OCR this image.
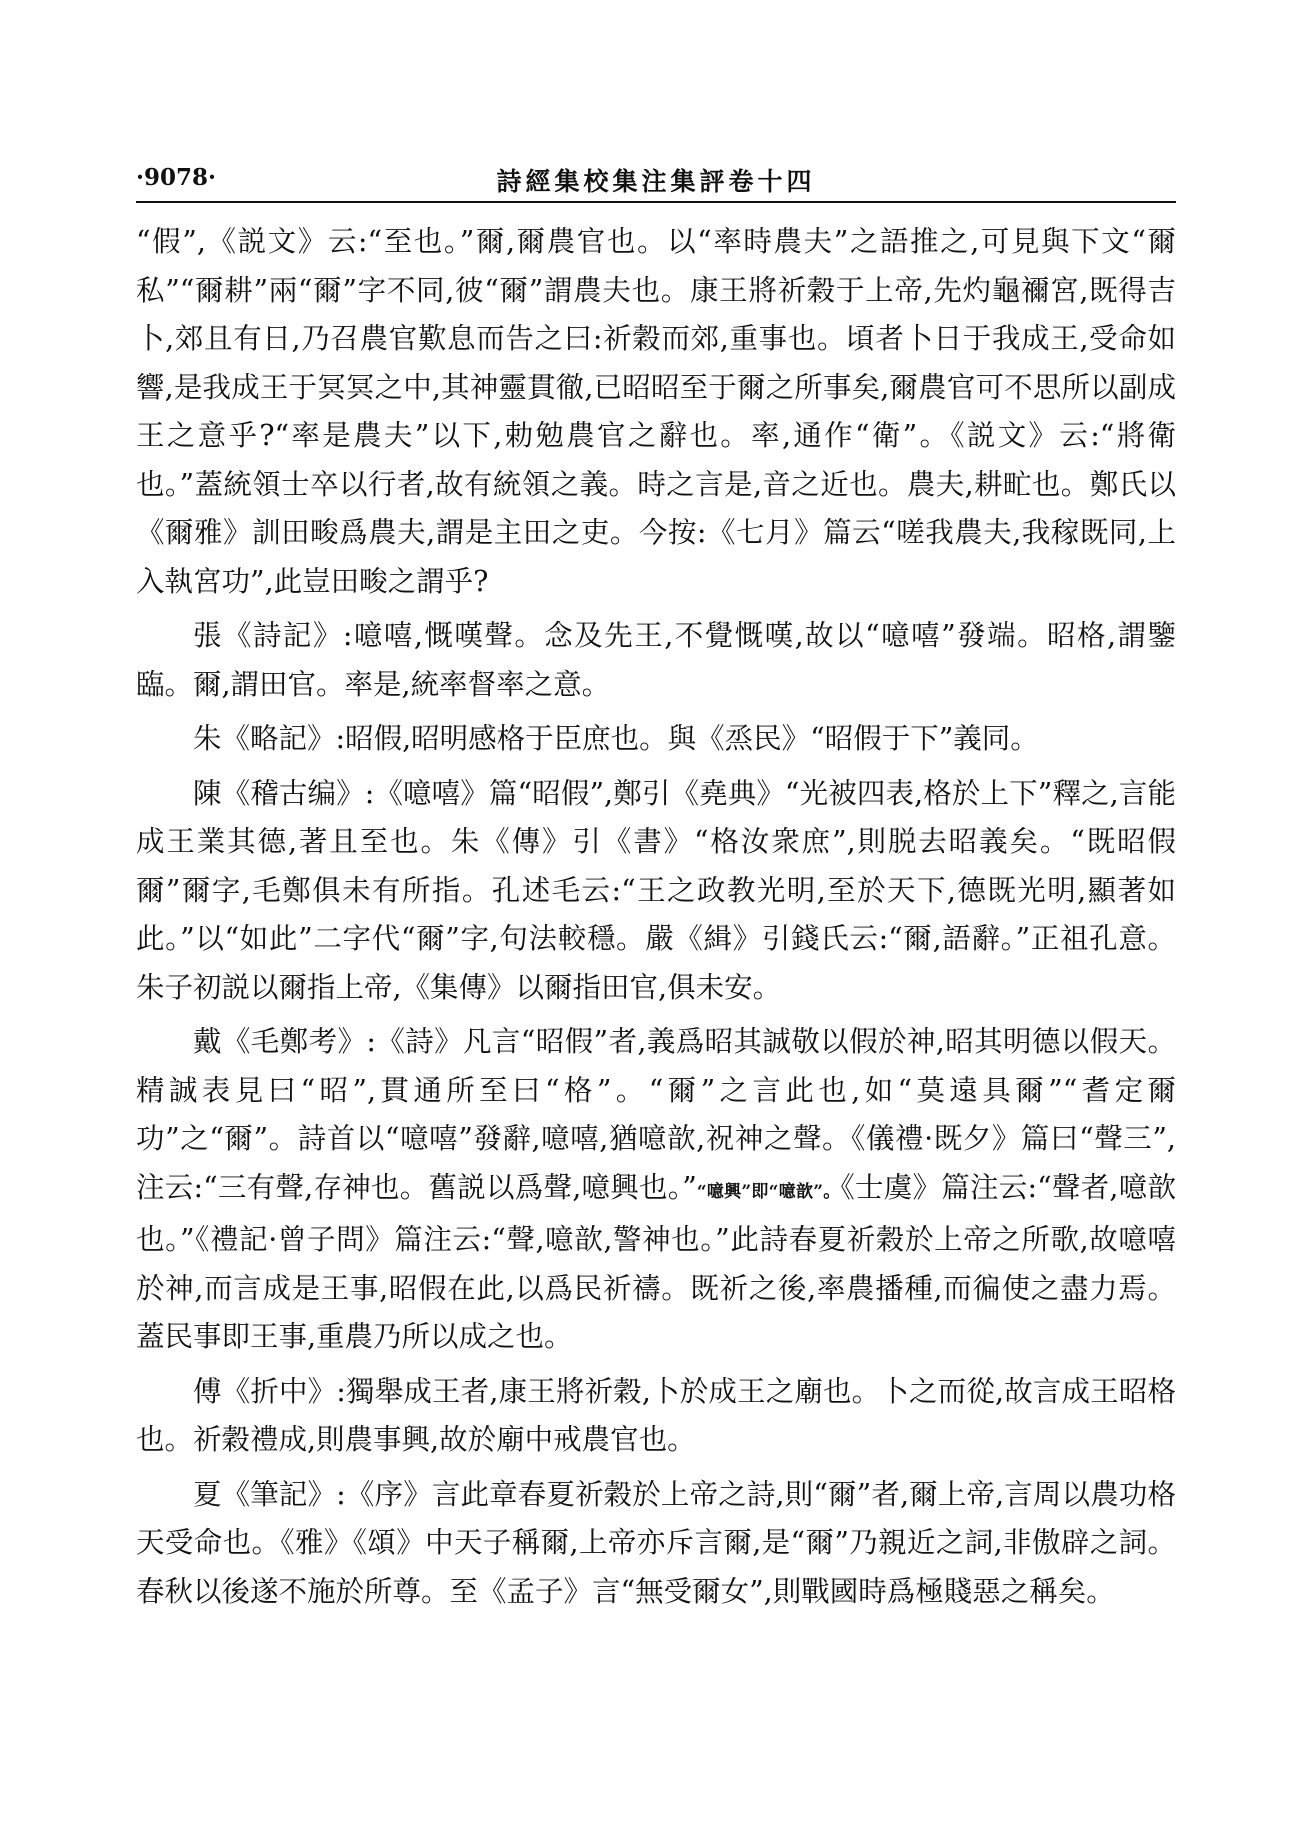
·9078·	詩經集校集注集評卷十四

“假”,《説文》云:“至也。”爾,爾農官也。以“率時農夫”之語推之,可見與下文“爾私”“爾耕”兩“爾”字不同,彼“爾”謂農夫也。康王將祈穀于上帝,先灼龜禰宮,既得吉卜,郊且有日,乃召農官歎息而告之曰:祈穀而郊,重事也。頃者卜日于我成王,受命如響,是我成王于冥冥之中,其神靈貫徹,已昭昭至于爾之所事矣,爾農官可不思所以副成王之意乎?“率是農夫”以下,勅勉農官之辭也。率,通作“衛”。《説文》云:“將衛也。”蓋統領士卒以行者,故有統領之義。時之言是,音之近也。農夫,耕甿也。鄭氏以《爾雅》訓田畯爲農夫,謂是主田之吏。今按:《七月》篇云“嗟我農夫,我稼既同,上入執宮功”,此豈田畯之謂乎?

張《詩記》:噫嘻,慨嘆聲。念及先王,不覺慨嘆,故以“噫嘻”發端。昭格,謂鑒臨。爾,謂田官。率是,統率督率之意。

朱《略記》:昭假,昭明感格于臣庶也。與《烝民》“昭假于下”義同。

陳《稽古编》:《噫嘻》篇“昭假”,鄭引《堯典》“光被四表,格於上下”釋之,言能成王業其德,著且至也。朱《傳》引《書》“格汝衆庶”,則脱去昭義矣。“既昭假爾”爾字,毛鄭俱未有所指。孔述毛云:“王之政教光明,至於天下,德既光明,顯著如此。”以“如此”二字代“爾”字,句法較穩。嚴《緝》引錢氏云:“爾,語辭。”正祖孔意。朱子初説以爾指上帝,《集傳》以爾指田官,俱未安。

戴《毛鄭考》:《詩》凡言“昭假”者,義爲昭其誠敬以假於神,昭其明德以假天。精誠表見曰“昭”,貫通所至曰“格”。“爾”之言此也,如“莫遠具爾”“耆定爾功”之“爾”。詩首以“噫嘻”發辭,噫嘻,猶噫歆,祝神之聲。《儀禮·既夕》篇曰“聲三”,注云:“三有聲,存神也。舊説以爲聲,噫興也。”“噫興”即“噫歆”。《士虞》篇注云:“聲者,噫歆也。”《禮記·曾子問》篇注云:“聲,噫歆,警神也。”此詩春夏祈穀於上帝之所歌,故噫嘻於神,而言成是王事,昭假在此,以爲民祈禱。既祈之後,率農播種,而徧使之盡力焉。蓋民事即王事,重農乃所以成之也。

傅《折中》:獨舉成王者,康王將祈穀,卜於成王之廟也。卜之而從,故言成王昭格也。祈穀禮成,則農事興,故於廟中戒農官也。

夏《筆記》:《序》言此章春夏祈穀於上帝之詩,則“爾”者,爾上帝,言周以農功格天受命也。《雅》《頌》中天子稱爾,上帝亦斥言爾,是“爾”乃親近之詞,非傲辟之詞。春秋以後遂不施於所尊。至《孟子》言“無受爾女”,則戰國時爲極賤惡之稱矣。
